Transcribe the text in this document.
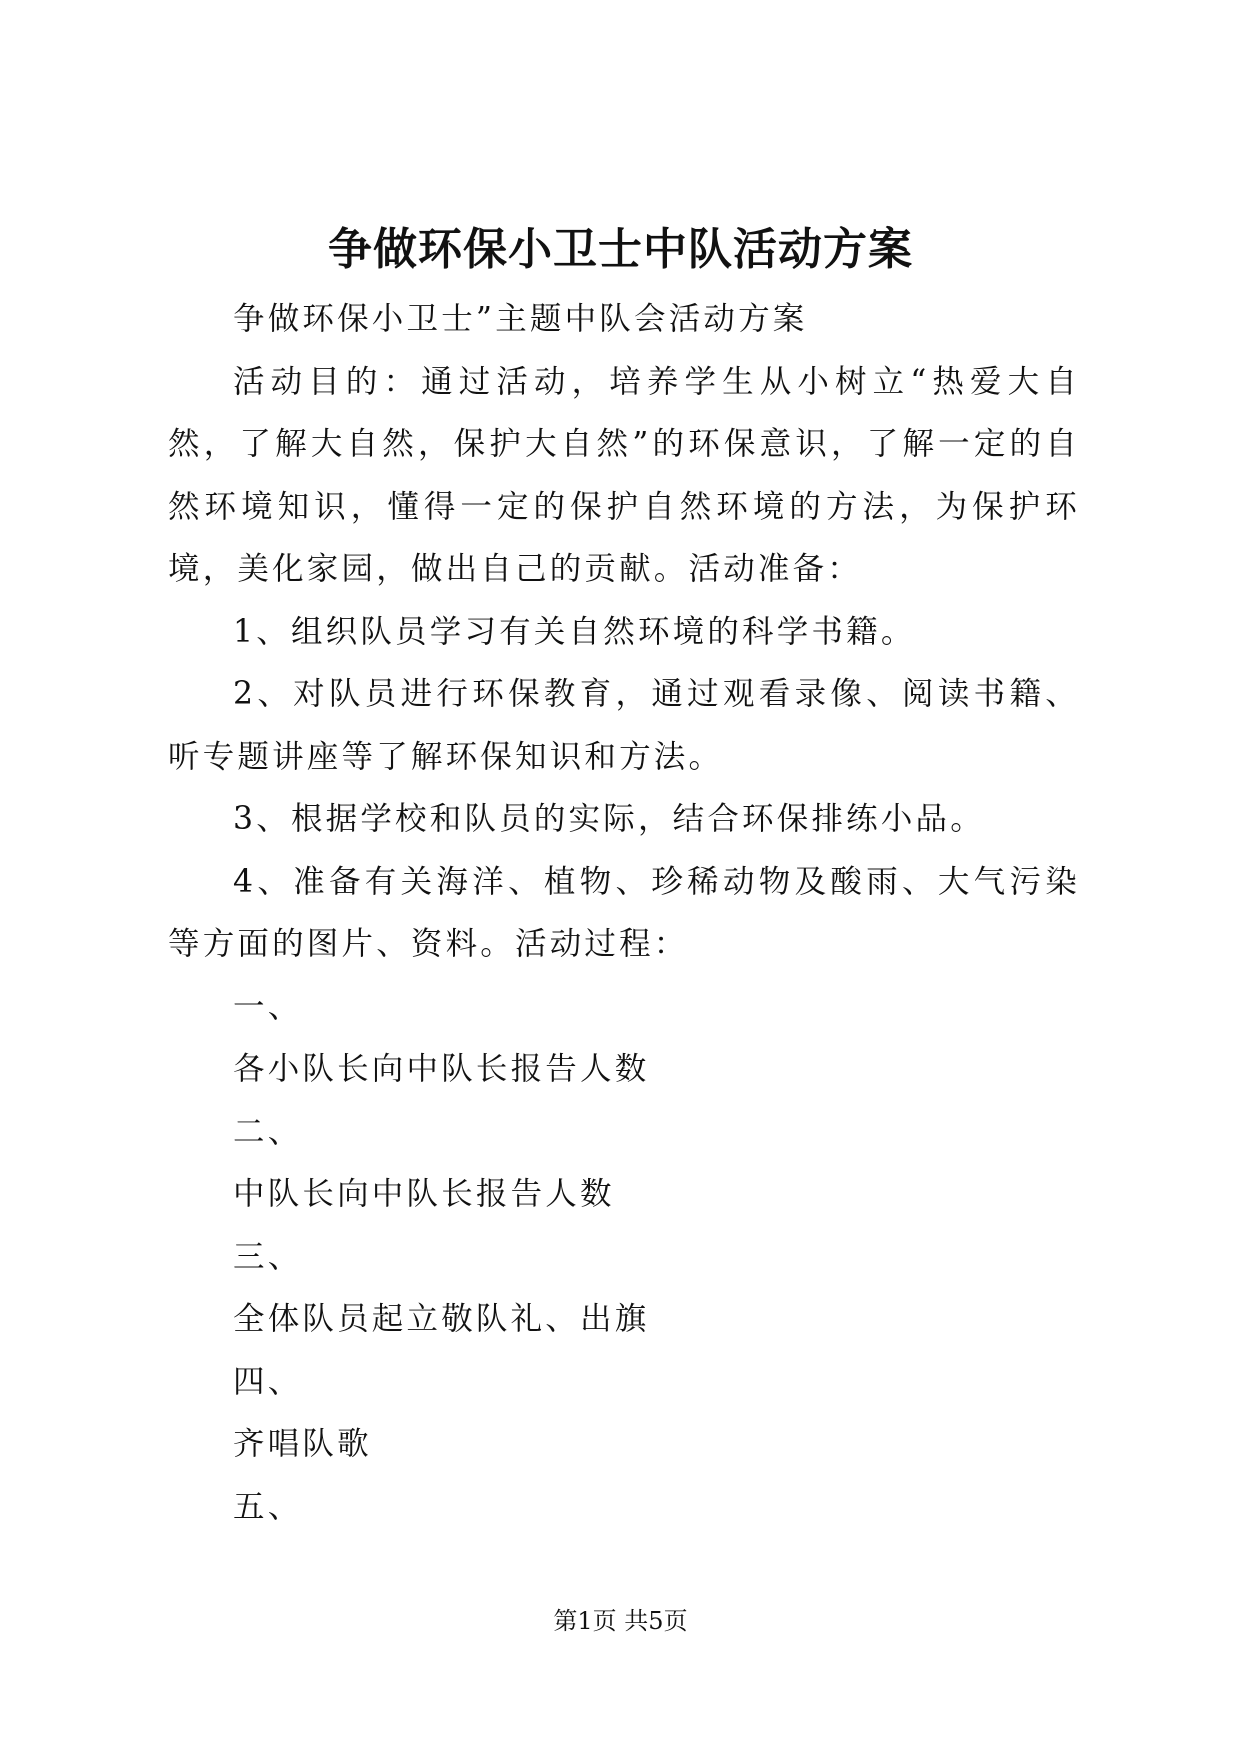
争做环保小卫士中队活动方案

争做环保小卫士”主题中队会活动方案

活动目的：通过活动，培养学生从小树立“热爱大自然，了解大自然，保护大自然”的环保意识，了解一定的自然环境知识，懂得一定的保护自然环境的方法，为保护环境，美化家园，做出自己的贡献。活动准备：

1、组织队员学习有关自然环境的科学书籍。

2、对队员进行环保教育，通过观看录像、阅读书籍、听专题讲座等了解环保知识和方法。

3、根据学校和队员的实际，结合环保排练小品。

4、准备有关海洋、植物、珍稀动物及酸雨、大气污染等方面的图片、资料。活动过程：

一、

各小队长向中队长报告人数

二、

中队长向中队长报告人数

三、

全体队员起立敬队礼、出旗

四、

齐唱队歌

五、

第1页 共5页
